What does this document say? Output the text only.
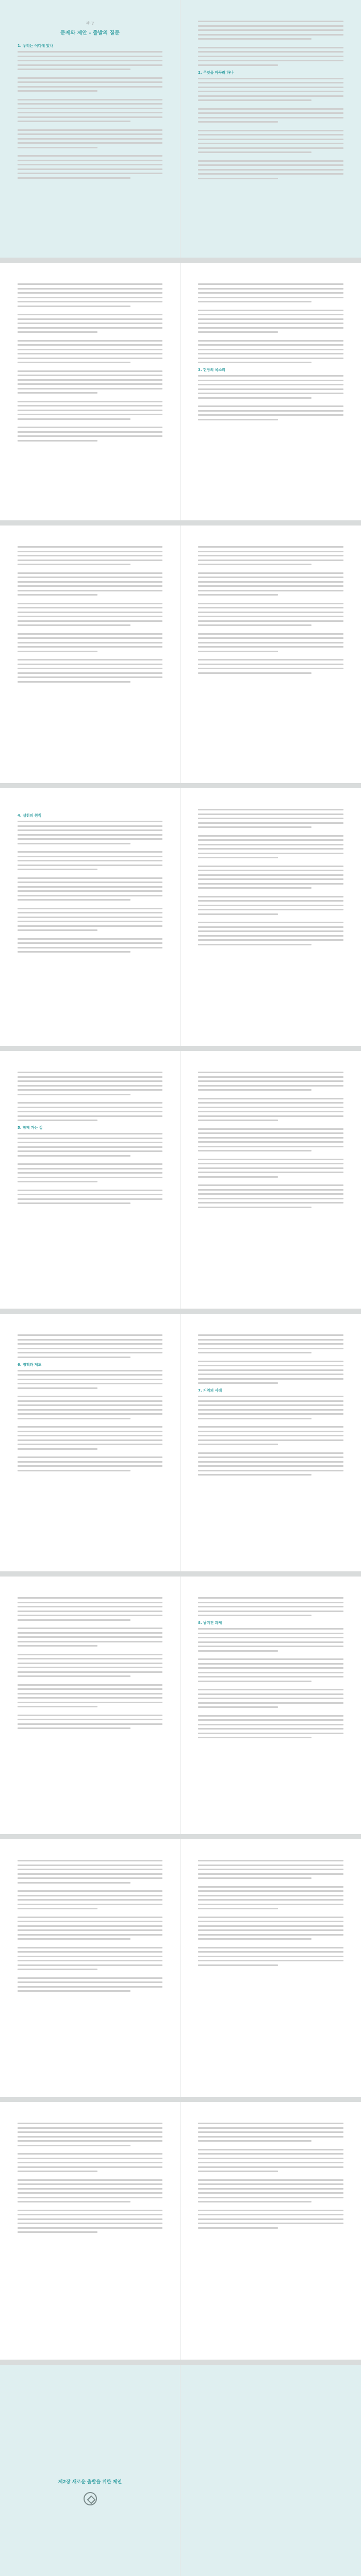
제1장
문제와 제안 - 출발의 질문
1. 우리는 어디에 있나
2. 무엇을 바꾸려 하나
3. 현장의 목소리
4. 실천의 원칙
5. 함께 가는 길
6. 정책과 제도
7. 지역의 사례
8. 남겨진 과제
제2장 새로운 출발을 위한 제언
